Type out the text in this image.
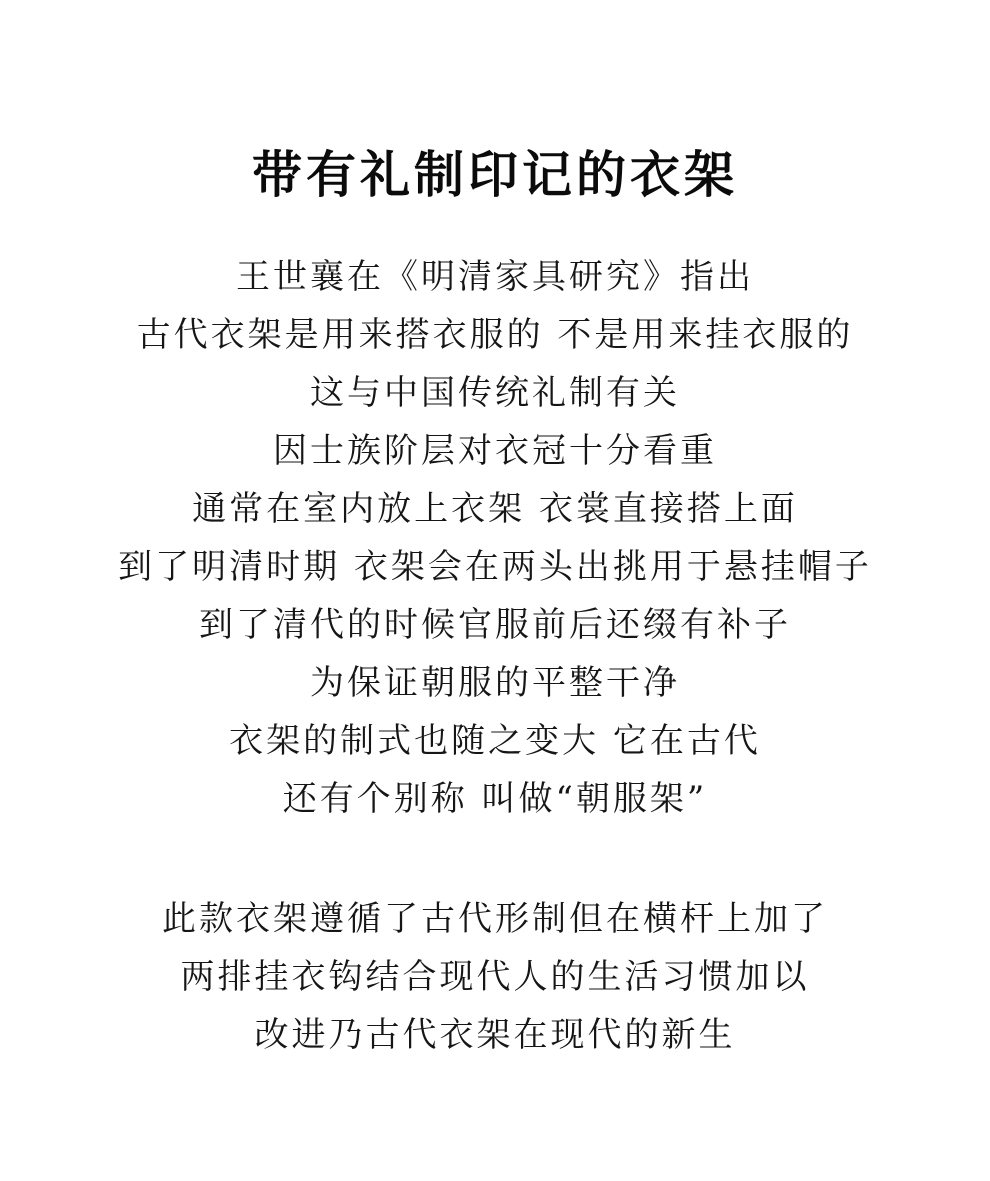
带有礼制印记的衣架
王世襄在《明清家具研究》指出
古代衣架是用来搭衣服的 不是用来挂衣服的
这与中国传统礼制有关
因士族阶层对衣冠十分看重
通常在室内放上衣架 衣裳直接搭上面
到了明清时期 衣架会在两头出挑用于悬挂帽子
到了清代的时候官服前后还缀有补子
为保证朝服的平整干净
衣架的制式也随之变大 它在古代
还有个别称 叫做“朝服架”
此款衣架遵循了古代形制但在横杆上加了
两排挂衣钩结合现代人的生活习惯加以
改进乃古代衣架在现代的新生
